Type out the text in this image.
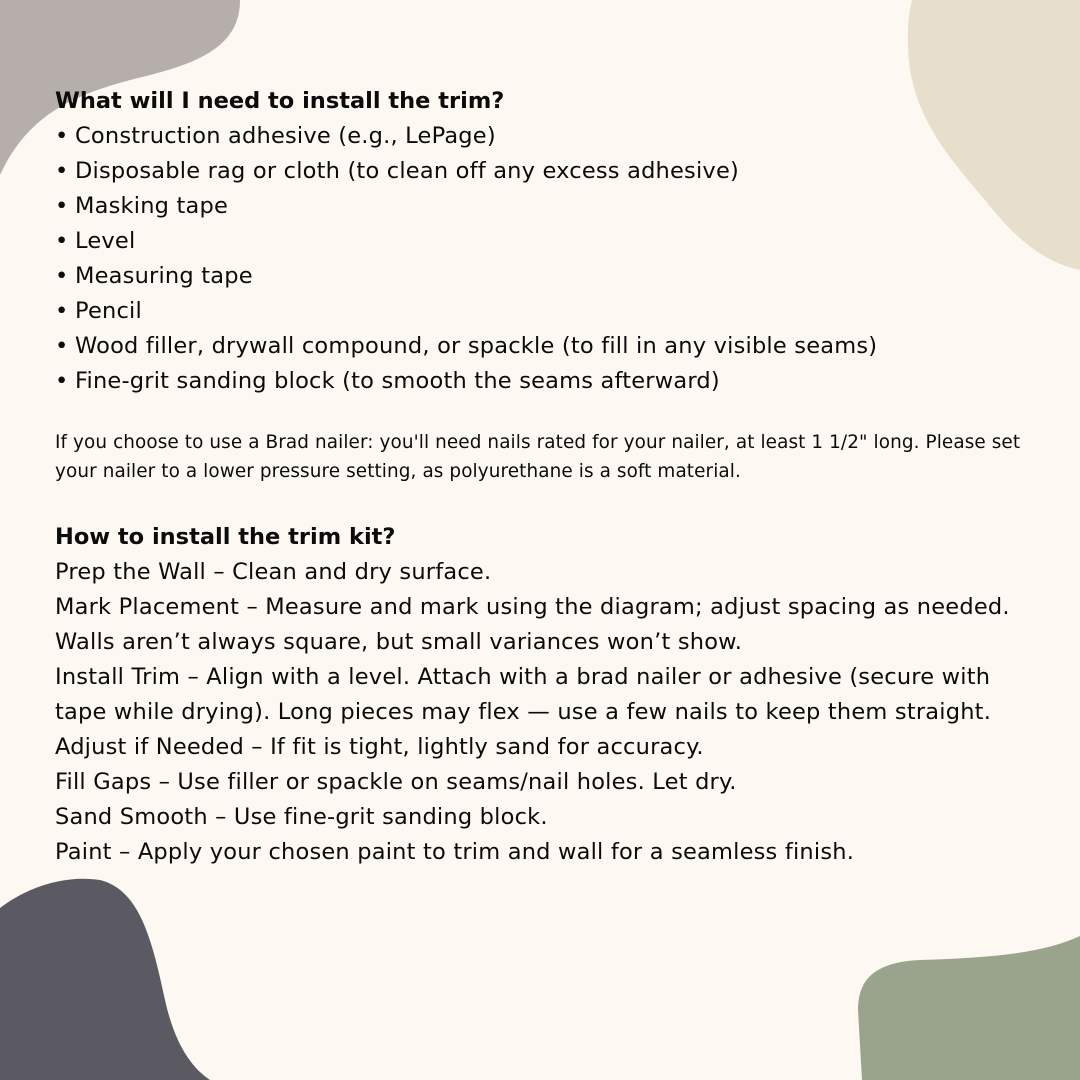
What will I need to install the trim?

• Construction adhesive (e.g., LePage)
• Disposable rag or cloth (to clean off any excess adhesive)
• Masking tape
• Level
• Measuring tape
• Pencil
• Wood filler, drywall compound, or spackle (to fill in any visible seams)
• Fine-grit sanding block (to smooth the seams afterward)

If you choose to use a Brad nailer: you'll need nails rated for your nailer, at least 1 1/2" long. Please set your nailer to a lower pressure setting, as polyurethane is a soft material.

How to install the trim kit?

Prep the Wall – Clean and dry surface.

Mark Placement – Measure and mark using the diagram; adjust spacing as needed.

Walls aren’t always square, but small variances won’t show.

Install Trim – Align with a level. Attach with a brad nailer or adhesive (secure with

tape while drying). Long pieces may flex — use a few nails to keep them straight.

Adjust if Needed – If fit is tight, lightly sand for accuracy.

Fill Gaps – Use filler or spackle on seams/nail holes. Let dry.

Sand Smooth – Use fine-grit sanding block.

Paint – Apply your chosen paint to trim and wall for a seamless finish.
